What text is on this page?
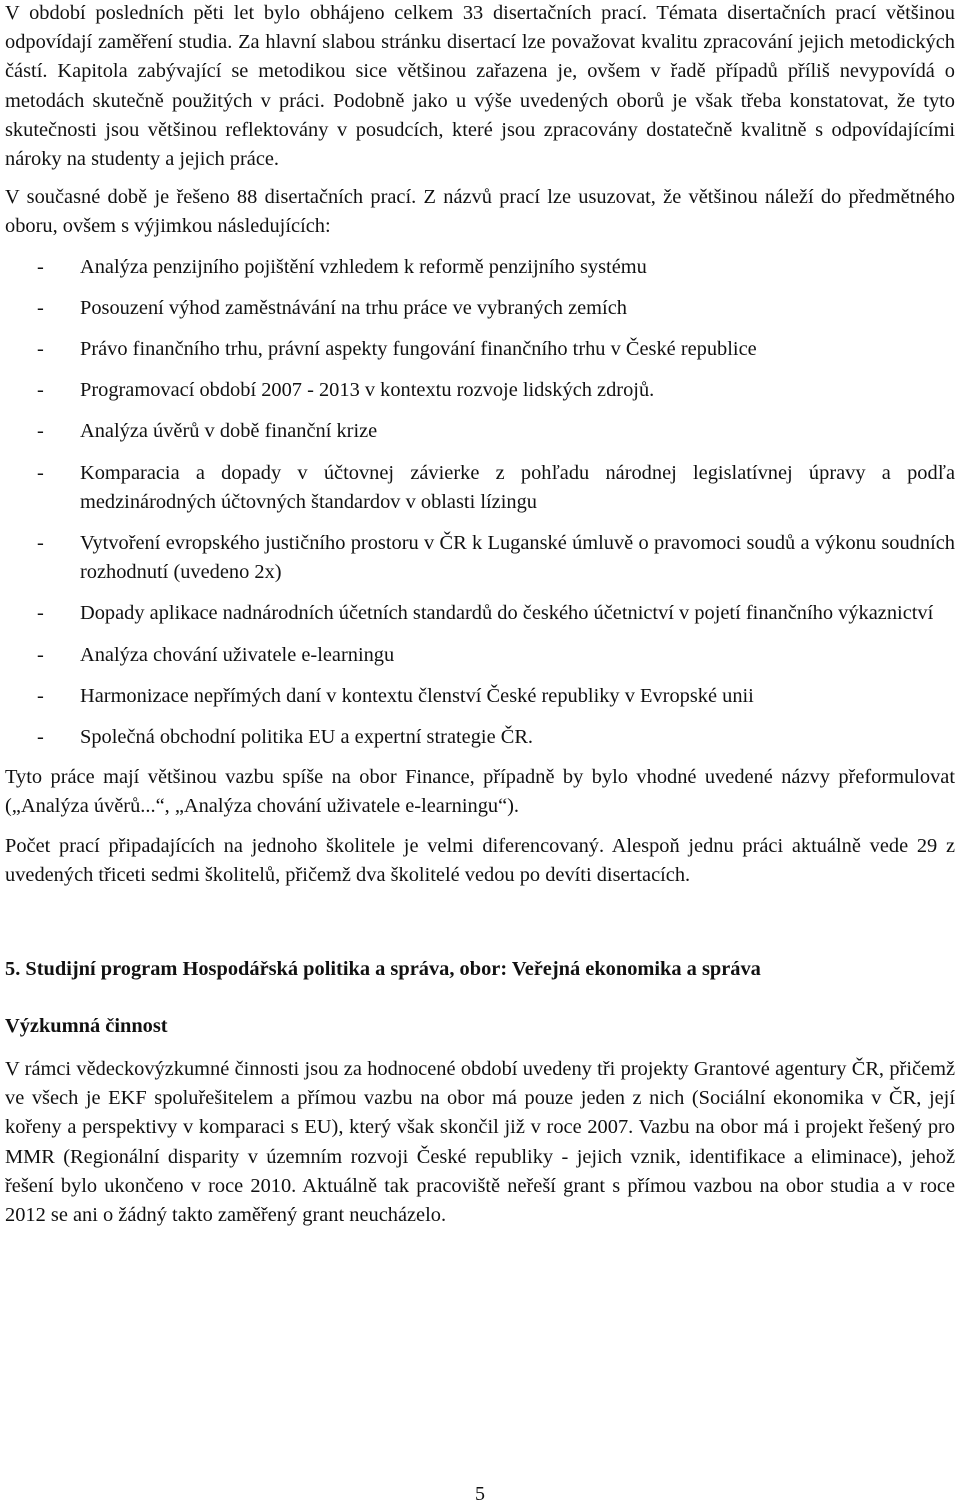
V období posledních pěti let bylo obhájeno celkem 33 disertačních prací. Témata disertačních prací většinou odpovídají zaměření studia. Za hlavní slabou stránku disertací lze považovat kvalitu zpracování jejich metodických částí. Kapitola zabývající se metodikou sice většinou zařazena je, ovšem v řadě případů příliš nevypovídá o metodách skutečně použitých v práci. Podobně jako u výše uvedených oborů je však třeba konstatovat, že tyto skutečnosti jsou většinou reflektovány v posudcích, které jsou zpracovány dostatečně kvalitně s odpovídajícími nároky na studenty a jejich práce.

V současné době je řešeno 88 disertačních prací. Z názvů prací lze usuzovat, že většinou náleží do předmětného oboru, ovšem s výjimkou následujících:

- Analýza penzijního pojištění vzhledem k reformě penzijního systému
- Posouzení výhod zaměstnávání na trhu práce ve vybraných zemích
- Právo finančního trhu, právní aspekty fungování finančního trhu v České republice
- Programovací období 2007 - 2013 v kontextu rozvoje lidských zdrojů.
- Analýza úvěrů v době finanční krize
- Komparacia a dopady v účtovnej závierke z pohľadu národnej legislatívnej úpravy a podľa medzinárodných účtovných štandardov v oblasti lízingu
- Vytvoření evropského justičního prostoru v ČR k Luganské úmluvě o pravomoci soudů a výkonu soudních rozhodnutí (uvedeno 2x)
- Dopady aplikace nadnárodních účetních standardů do českého účetnictví v pojetí finančního výkaznictví
- Analýza chování uživatele e-learningu
- Harmonizace nepřímých daní v kontextu členství České republiky v Evropské unii
- Společná obchodní politika EU a expertní strategie ČR.

Tyto práce mají většinou vazbu spíše na obor Finance, případně by bylo vhodné uvedené názvy přeformulovat („Analýza úvěrů...“, „Analýza chování uživatele e-learningu“).

Počet prací připadajících na jednoho školitele je velmi diferencovaný. Alespoň jednu práci aktuálně vede 29 z uvedených třiceti sedmi školitelů, přičemž dva školitelé vedou po devíti disertacích.

5. Studijní program Hospodářská politika a správa, obor: Veřejná ekonomika a správa
Výzkumná činnost

V rámci vědeckovýzkumné činnosti jsou za hodnocené období uvedeny tři projekty Grantové agentury ČR, přičemž ve všech je EKF spoluřešitelem a přímou vazbu na obor má pouze jeden z nich (Sociální ekonomika v ČR, její kořeny a perspektivy v komparaci s EU), který však skončil již v roce 2007. Vazbu na obor má i projekt řešený pro MMR (Regionální disparity v územním rozvoji České republiky - jejich vznik, identifikace a eliminace), jehož řešení bylo ukončeno v roce 2010. Aktuálně tak pracoviště neřeší grant s přímou vazbou na obor studia a v roce 2012 se ani o žádný takto zaměřený grant neucházelo.

5
